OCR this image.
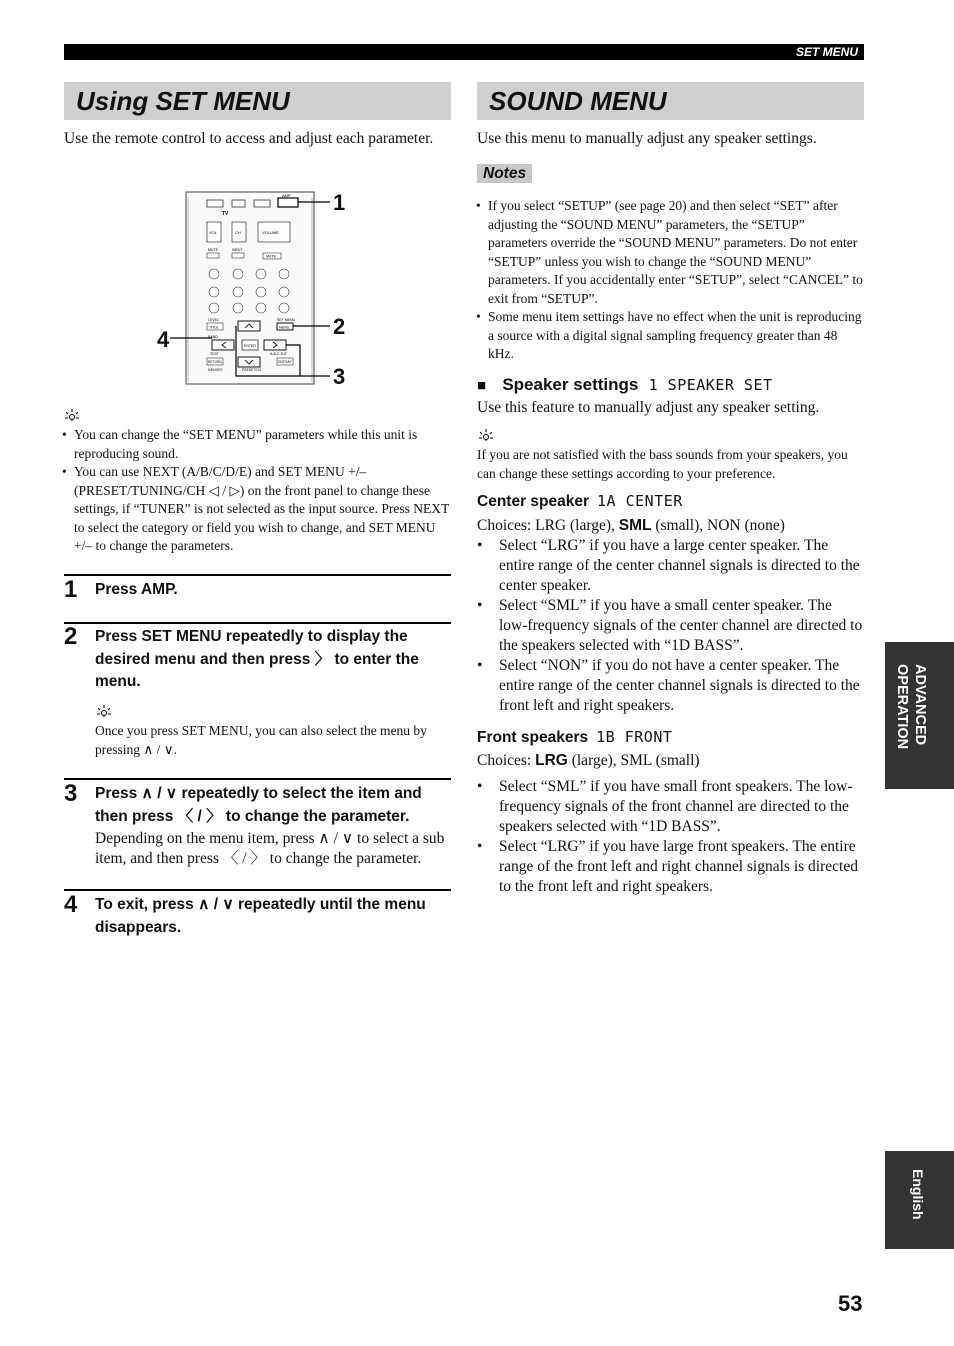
SET MENU
Using SET MENU
Use the remote control to access and adjust each parameter.
AMP
TV
VOL	CH	VOLUME
MUTE	INPUT
MUTE
LEVEL	SET MENU
TITLE	MENU
BAND
ENTER
TEST	A-B-C-D-E
RETURN	DISPLAY
MEMORY	PRESET/CH
1
2
3
4
• You can change the “SET MENU” parameters while this unit is reproducing sound.
• You can use NEXT (A/B/C/D/E) and SET MENU +/– (PRESET/TUNING/CH ◁ / ▷) on the front panel to change these settings, if “TUNER” is not selected as the input source. Press NEXT to select the category or field you wish to change, and SET MENU +/– to change the parameters.
1 Press AMP.
2 Press SET MENU repeatedly to display the desired menu and then press 〉 to enter the menu.
Once you press SET MENU, you can also select the menu by pressing ∧ / ∨.
3 Press ∧ / ∨ repeatedly to select the item and then press 〈 / 〉 to change the parameter.
Depending on the menu item, press ∧ / ∨ to select a sub item, and then press 〈 / 〉 to change the parameter.
4 To exit, press ∧ / ∨ repeatedly until the menu disappears.
SOUND MENU
Use this menu to manually adjust any speaker settings.
Notes
• If you select “SETUP” (see page 20) and then select “SET” after adjusting the “SOUND MENU” parameters, the “SETUP” parameters override the “SOUND MENU” parameters. Do not enter “SETUP” unless you wish to change the “SOUND MENU” parameters. If you accidentally enter “SETUP”, select “CANCEL” to exit from “SETUP”.
• Some menu item settings have no effect when the unit is reproducing a source with a digital signal sampling frequency greater than 48 kHz.
■ Speaker settings 1 SPEAKER SET
Use this feature to manually adjust any speaker setting.
If you are not satisfied with the bass sounds from your speakers, you can change these settings according to your preference.
Center speaker 1A CENTER
Choices: LRG (large), SML (small), NON (none)
• Select “LRG” if you have a large center speaker. The entire range of the center channel signals is directed to the center speaker.
• Select “SML” if you have a small center speaker. The low-frequency signals of the center channel are directed to the speakers selected with “1D BASS”.
• Select “NON” if you do not have a center speaker. The entire range of the center channel signals is directed to the front left and right speakers.
Front speakers 1B FRONT
Choices: LRG (large), SML (small)
• Select “SML” if you have small front speakers. The low-frequency signals of the front channel are directed to the speakers selected with “1D BASS”.
• Select “LRG” if you have large front speakers. The entire range of the front left and right channel signals is directed to the front left and right speakers.
ADVANCED OPERATION
English
53
